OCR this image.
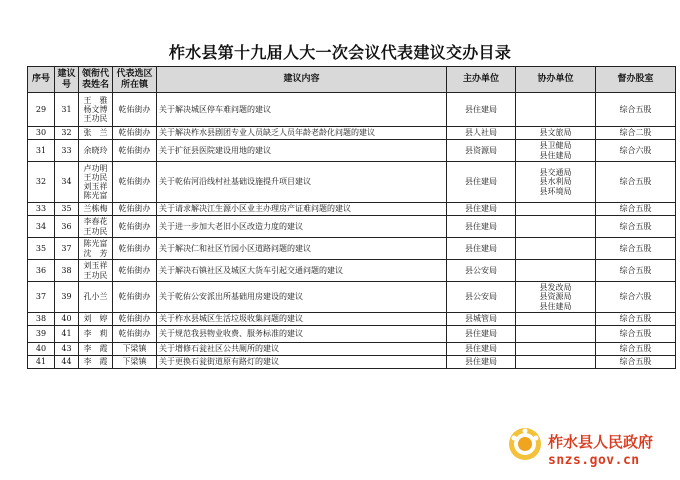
柞水县第十九届人大一次会议代表建议交办目录
序号	建议号	领衔代表姓名	代表选区所在镇	建议内容	主办单位	协办单位	督办股室
29	31	王　雅
杨文博
王功民	乾佑街办	关于解决城区停车难问题的建议	县住建局		综合五股
30	32	张　兰	乾佑街办	关于解决柞水县剧团专业人员缺乏人员年龄老龄化问题的建议	县人社局	县文旅局	综合二股
31	33	余晓玲	乾佑街办	关于扩征县医院建设用地的建议	县资源局	县卫健局
县住建局	综合六股
32	34	卢功明
王功民
刘玉祥
陈光富	乾佑街办	关于乾佑河沿线村社基础设施提升项目建议	县住建局	县交通局
县水利局
县环境局	综合五股
33	35	兰栋梅	乾佑街办	关于请求解决江生源小区业主办理房产证难问题的建议	县住建局		综合五股
34	36	李春花
王功民	乾佑街办	关于进一步加大老旧小区改造力度的建议	县住建局		综合五股
35	37	陈光富
沈　芳	乾佑街办	关于解决仁和社区竹园小区道路问题的建议	县住建局		综合五股
36	38	刘玉祥
王功民	乾佑街办	关于解决石镇社区及城区大货车引起交通问题的建议	县公安局		综合五股
37	39	孔小兰	乾佑街办	关于乾佑公安派出所基础用房建设的建议	县公安局	县发改局
县资源局
县住建局	综合六股
38	40	刘　婷	乾佑街办	关于柞水县城区生活垃圾收集问题的建议	县城管局		综合五股
39	41	李　莉	乾佑街办	关于规范我县物业收费、服务标准的建议	县住建局		综合五股
40	43	李　霞	下梁镇	关于增修石瓮社区公共厕所的建议	县住建局		综合五股
41	44	李　霞	下梁镇	关于更换石瓮街道原有路灯的建议	县住建局		综合五股
柞水县人民政府
snzs.gov.cn
